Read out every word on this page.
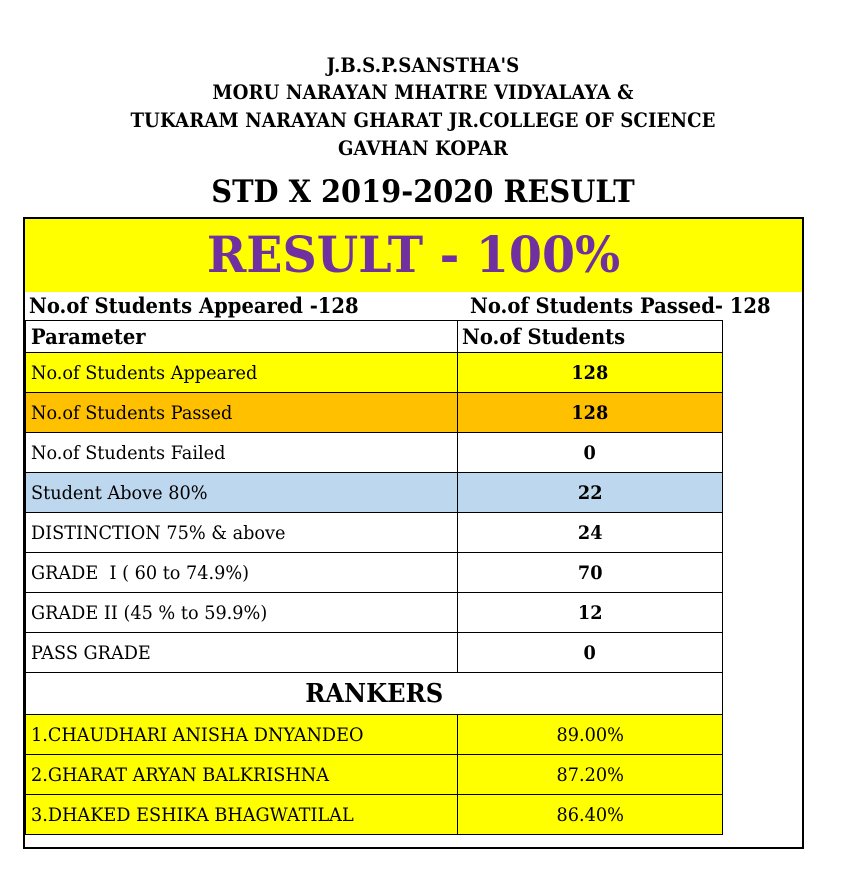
J.B.S.P.SANSTHA'S
MORU NARAYAN MHATRE VIDYALAYA &
TUKARAM NARAYAN GHARAT JR.COLLEGE OF SCIENCE
GAVHAN KOPAR
STD X 2019-2020 RESULT
RESULT - 100%
No.of Students Appeared -128	No.of Students Passed- 128
Parameter	No.of Students
No.of Students Appeared	128
No.of Students Passed	128
No.of Students Failed	0
Student Above 80%	22
DISTINCTION 75% & above	24
GRADE  I ( 60 to 74.9%)	70
GRADE II (45 % to 59.9%)	12
PASS GRADE	0
RANKERS	
1.CHAUDHARI ANISHA DNYANDEO	89.00%
2.GHARAT ARYAN BALKRISHNA	87.20%
3.DHAKED ESHIKA BHAGWATILAL	86.40%
